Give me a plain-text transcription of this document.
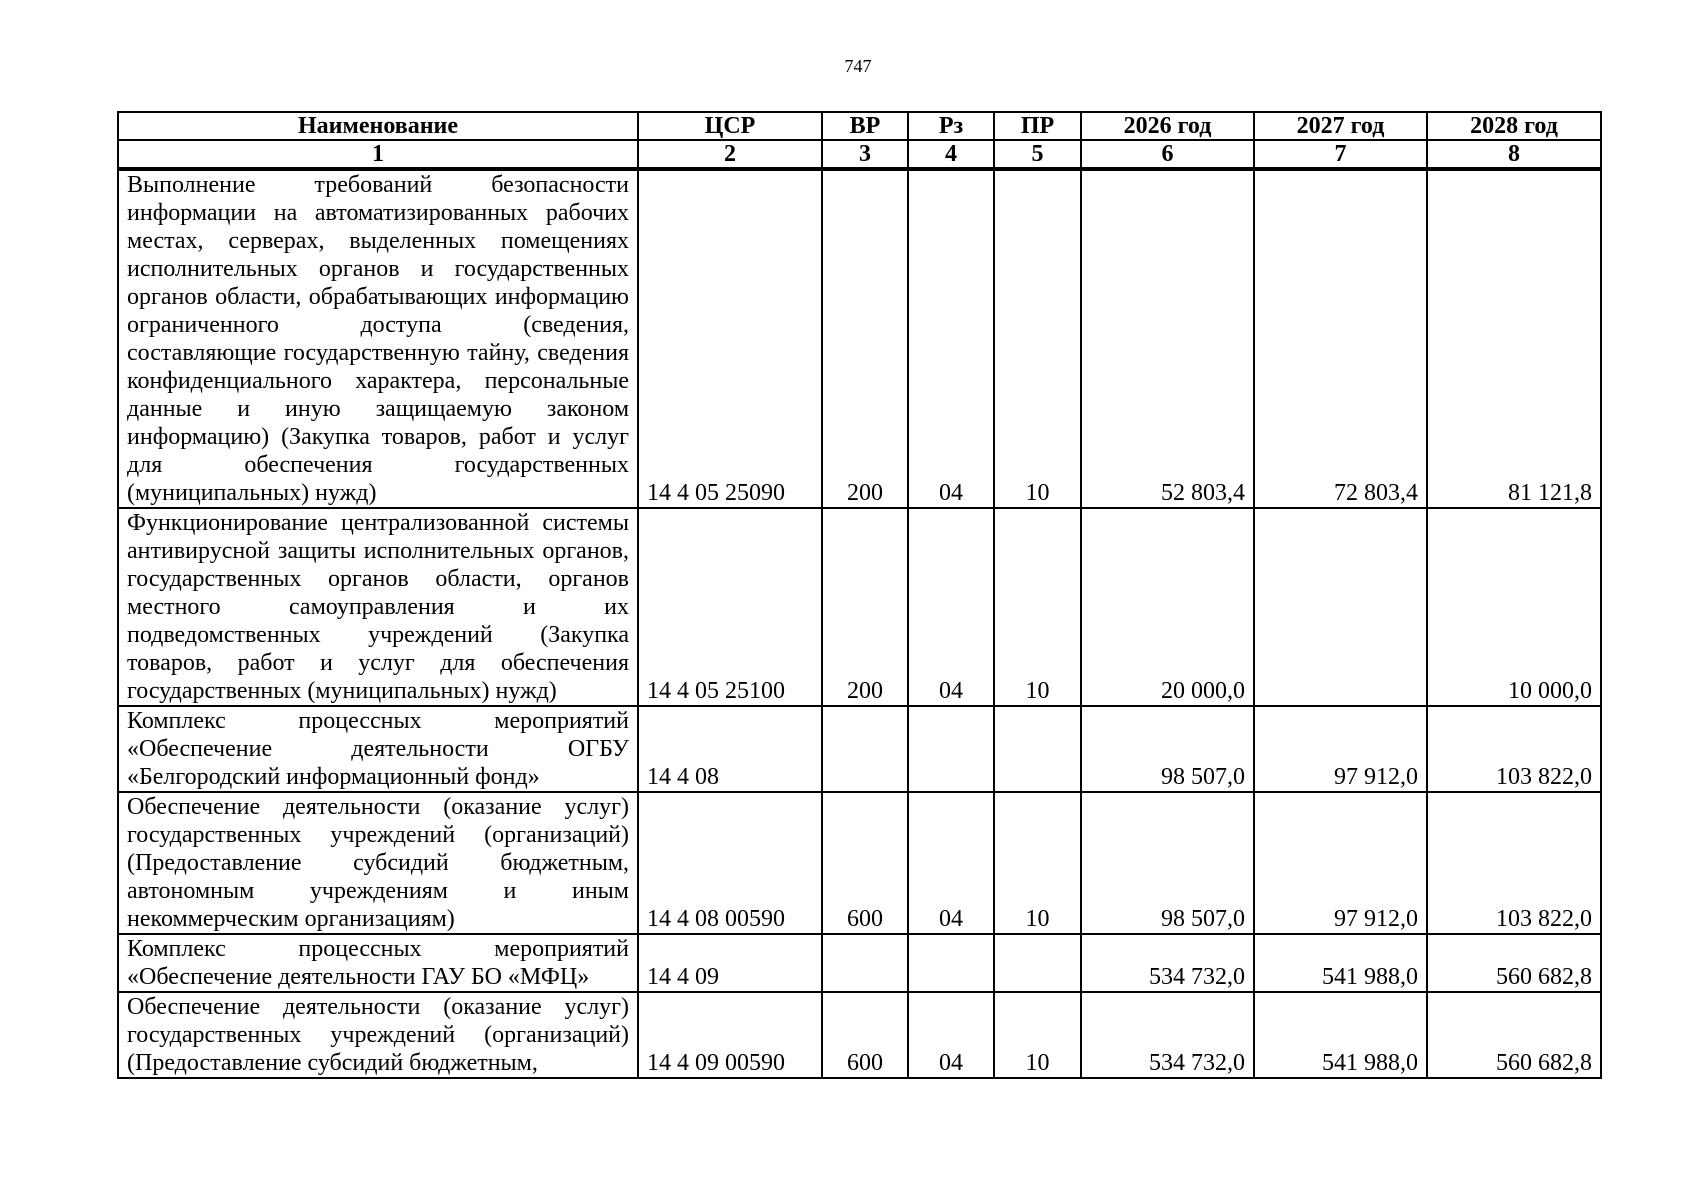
747
Наименование	ЦСР	ВР	Рз	ПР	2026 год	2027 год	2028 год
1	2	3	4	5	6	7	8
Выполнение требований безопасности информации на автоматизированных рабочих местах, серверах, выделенных помещениях исполнительных органов и государственных органов области, обрабатывающих информацию ограниченного доступа (сведения, составляющие государственную тайну, сведения конфиденциального характера, персональные данные и иную защищаемую законом информацию) (Закупка товаров, работ и услуг для обеспечения государственных (муниципальных) нужд)	14 4 05 25090	200	04	10	52 803,4	72 803,4	81 121,8
Функционирование централизованной системы антивирусной защиты исполнительных органов, государственных органов области, органов местного самоуправления и их подведомственных учреждений (Закупка товаров, работ и услуг для обеспечения государственных (муниципальных) нужд)	14 4 05 25100	200	04	10	20 000,0		10 000,0
Комплекс процессных мероприятий «Обеспечение деятельности ОГБУ «Белгородский информационный фонд»	14 4 08				98 507,0	97 912,0	103 822,0
Обеспечение деятельности (оказание услуг) государственных учреждений (организаций) (Предоставление субсидий бюджетным, автономным учреждениям и иным некоммерческим организациям)	14 4 08 00590	600	04	10	98 507,0	97 912,0	103 822,0
Комплекс процессных мероприятий «Обеспечение деятельности ГАУ БО «МФЦ»	14 4 09				534 732,0	541 988,0	560 682,8
Обеспечение деятельности (оказание услуг) государственных учреждений (организаций) (Предоставление субсидий бюджетным,	14 4 09 00590	600	04	10	534 732,0	541 988,0	560 682,8
